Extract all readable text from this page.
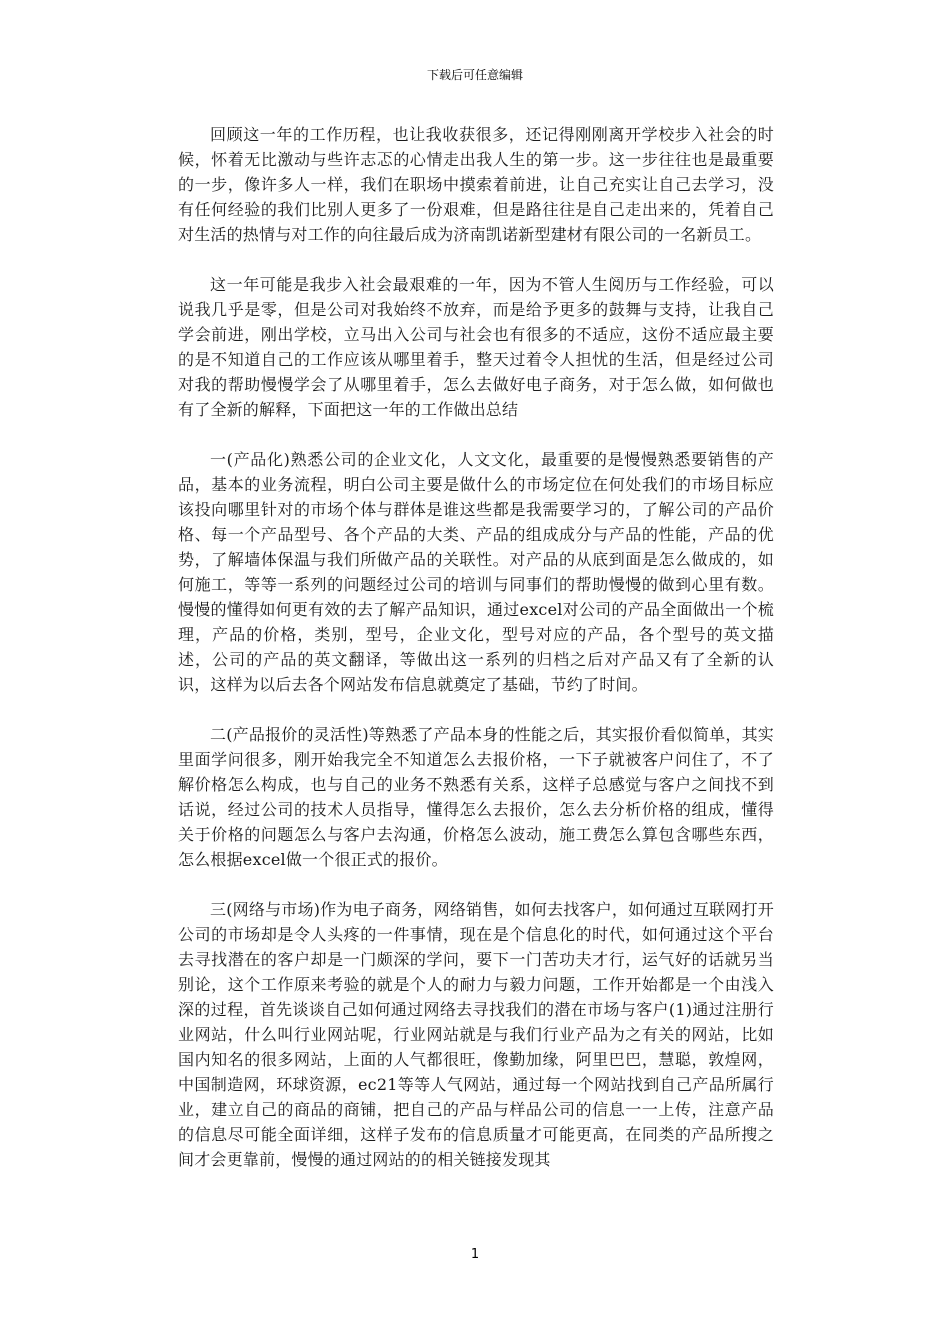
下载后可任意编辑

回顾这一年的工作历程，也让我收获很多，还记得刚刚离开学校步入社会的时候，怀着无比激动与些许志忑的心情走出我人生的第一步。这一步往往也是最重要的一步，像许多人一样，我们在职场中摸索着前进，让自己充实让自己去学习，没有任何经验的我们比别人更多了一份艰难，但是路往往是自己走出来的，凭着自己对生活的热情与对工作的向往最后成为济南凯诺新型建材有限公司的一名新员工。

这一年可能是我步入社会最艰难的一年，因为不管人生阅历与工作经验，可以说我几乎是零，但是公司对我始终不放弃，而是给予更多的鼓舞与支持，让我自己学会前进，刚出学校，立马出入公司与社会也有很多的不适应，这份不适应最主要的是不知道自己的工作应该从哪里着手，整天过着令人担忧的生活，但是经过公司对我的帮助慢慢学会了从哪里着手，怎么去做好电子商务，对于怎么做，如何做也有了全新的解释，下面把这一年的工作做出总结

一(产品化)熟悉公司的企业文化，人文文化，最重要的是慢慢熟悉要销售的产品，基本的业务流程，明白公司主要是做什么的市场定位在何处我们的市场目标应该投向哪里针对的市场个体与群体是谁这些都是我需要学习的，了解公司的产品价格、每一个产品型号、各个产品的大类、产品的组成成分与产品的性能，产品的优势，了解墙体保温与我们所做产品的关联性。对产品的从底到面是怎么做成的，如何施工，等等一系列的问题经过公司的培训与同事们的帮助慢慢的做到心里有数。慢慢的懂得如何更有效的去了解产品知识，通过excel对公司的产品全面做出一个梳理，产品的价格，类别，型号，企业文化，型号对应的产品，各个型号的英文描述，公司的产品的英文翻译，等做出这一系列的归档之后对产品又有了全新的认识，这样为以后去各个网站发布信息就奠定了基础，节约了时间。

二(产品报价的灵活性)等熟悉了产品本身的性能之后，其实报价看似简单，其实里面学问很多，刚开始我完全不知道怎么去报价格，一下子就被客户问住了，不了解价格怎么构成，也与自己的业务不熟悉有关系，这样子总感觉与客户之间找不到话说，经过公司的技术人员指导，懂得怎么去报价，怎么去分析价格的组成，懂得关于价格的问题怎么与客户去沟通，价格怎么波动，施工费怎么算包含哪些东西，怎么根据excel做一个很正式的报价。

三(网络与市场)作为电子商务，网络销售，如何去找客户，如何通过互联网打开公司的市场却是令人头疼的一件事情，现在是个信息化的时代，如何通过这个平台去寻找潜在的客户却是一门颇深的学问，要下一门苦功夫才行，运气好的话就另当别论，这个工作原来考验的就是个人的耐力与毅力问题，工作开始都是一个由浅入深的过程，首先谈谈自己如何通过网络去寻找我们的潜在市场与客户(1)通过注册行业网站，什么叫行业网站呢，行业网站就是与我们行业产品为之有关的网站，比如国内知名的很多网站，上面的人气都很旺，像勤加缘，阿里巴巴，慧聪，敦煌网，中国制造网，环球资源，ec21等等人气网站，通过每一个网站找到自己产品所属行业，建立自己的商品的商铺，把自己的产品与样品公司的信息一一上传，注意产品的信息尽可能全面详细，这样子发布的信息质量才可能更高，在同类的产品所搜之间才会更靠前，慢慢的通过网站的的相关链接发现其

1
